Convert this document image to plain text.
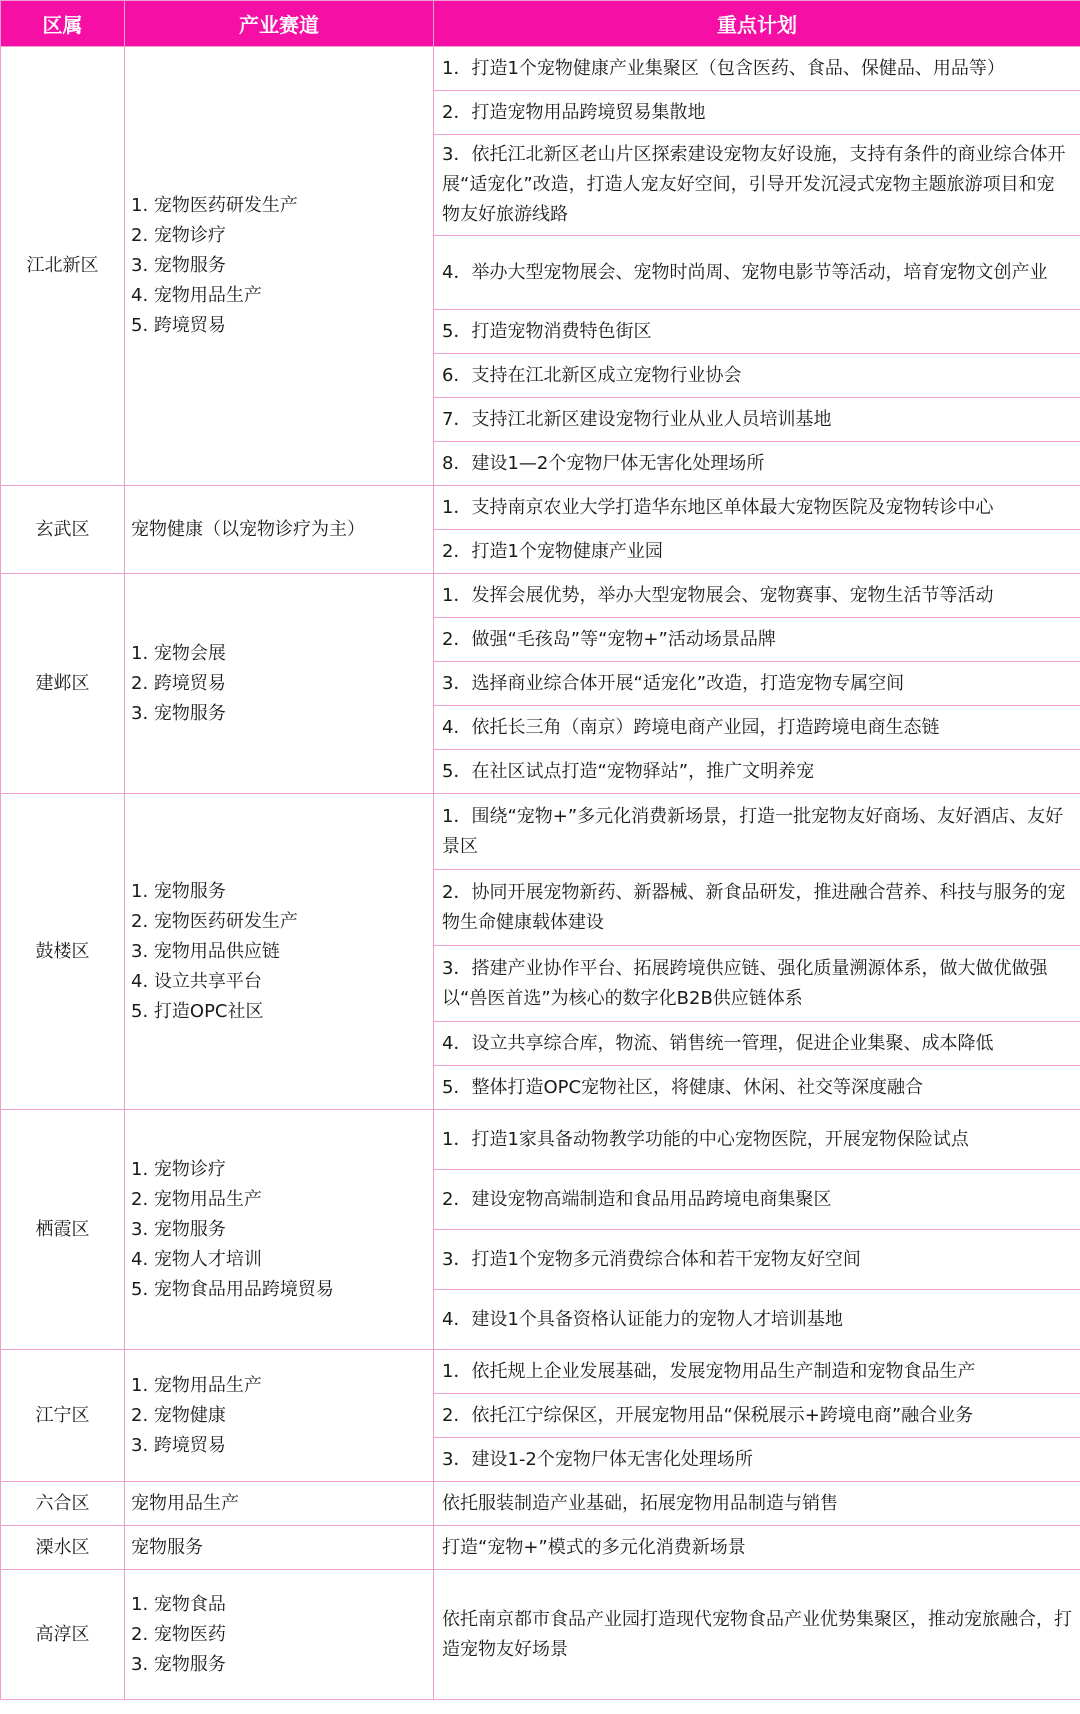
区属	产业赛道	重点计划
江北新区	1. 宠物医药研发生产
2. 宠物诊疗
3. 宠物服务
4. 宠物用品生产
5. 跨境贸易	1．打造1个宠物健康产业集聚区（包含医药、食品、保健品、用品等）
		2．打造宠物用品跨境贸易集散地
		3．依托江北新区老山片区探索建设宠物友好设施，支持有条件的商业综合体开展“适宠化”改造，打造人宠友好空间，引导开发沉浸式宠物主题旅游项目和宠物友好旅游线路
		4．举办大型宠物展会、宠物时尚周、宠物电影节等活动，培育宠物文创产业
		5．打造宠物消费特色街区
		6．支持在江北新区成立宠物行业协会
		7．支持江北新区建设宠物行业从业人员培训基地
		8．建设1—2个宠物尸体无害化处理场所
玄武区	宠物健康（以宠物诊疗为主）	1．支持南京农业大学打造华东地区单体最大宠物医院及宠物转诊中心
		2．打造1个宠物健康产业园
建邺区	1. 宠物会展
2. 跨境贸易
3. 宠物服务	1．发挥会展优势，举办大型宠物展会、宠物赛事、宠物生活节等活动
		2．做强“毛孩岛”等“宠物+”活动场景品牌
		3．选择商业综合体开展“适宠化”改造，打造宠物专属空间
		4．依托长三角（南京）跨境电商产业园，打造跨境电商生态链
		5．在社区试点打造“宠物驿站”，推广文明养宠
鼓楼区	1. 宠物服务
2. 宠物医药研发生产
3. 宠物用品供应链
4. 设立共享平台
5. 打造OPC社区	1．围绕“宠物+”多元化消费新场景，打造一批宠物友好商场、友好酒店、友好景区
		2．协同开展宠物新药、新器械、新食品研发，推进融合营养、科技与服务的宠物生命健康载体建设
		3．搭建产业协作平台、拓展跨境供应链、强化质量溯源体系，做大做优做强以“兽医首选”为核心的数字化B2B供应链体系
		4．设立共享综合库，物流、销售统一管理，促进企业集聚、成本降低
		5．整体打造OPC宠物社区，将健康、休闲、社交等深度融合
栖霞区	1. 宠物诊疗
2. 宠物用品生产
3. 宠物服务
4. 宠物人才培训
5. 宠物食品用品跨境贸易	1．打造1家具备动物教学功能的中心宠物医院，开展宠物保险试点
		2．建设宠物高端制造和食品用品跨境电商集聚区
		3．打造1个宠物多元消费综合体和若干宠物友好空间
		4．建设1个具备资格认证能力的宠物人才培训基地
江宁区	1. 宠物用品生产
2. 宠物健康
3. 跨境贸易	1．依托规上企业发展基础，发展宠物用品生产制造和宠物食品生产
		2．依托江宁综保区，开展宠物用品“保税展示+跨境电商”融合业务
		3．建设1-2个宠物尸体无害化处理场所
六合区	宠物用品生产	依托服装制造产业基础，拓展宠物用品制造与销售
溧水区	宠物服务	打造“宠物+”模式的多元化消费新场景
高淳区	1. 宠物食品
2. 宠物医药
3. 宠物服务	依托南京都市食品产业园打造现代宠物食品产业优势集聚区，推动宠旅融合，打造宠物友好场景
